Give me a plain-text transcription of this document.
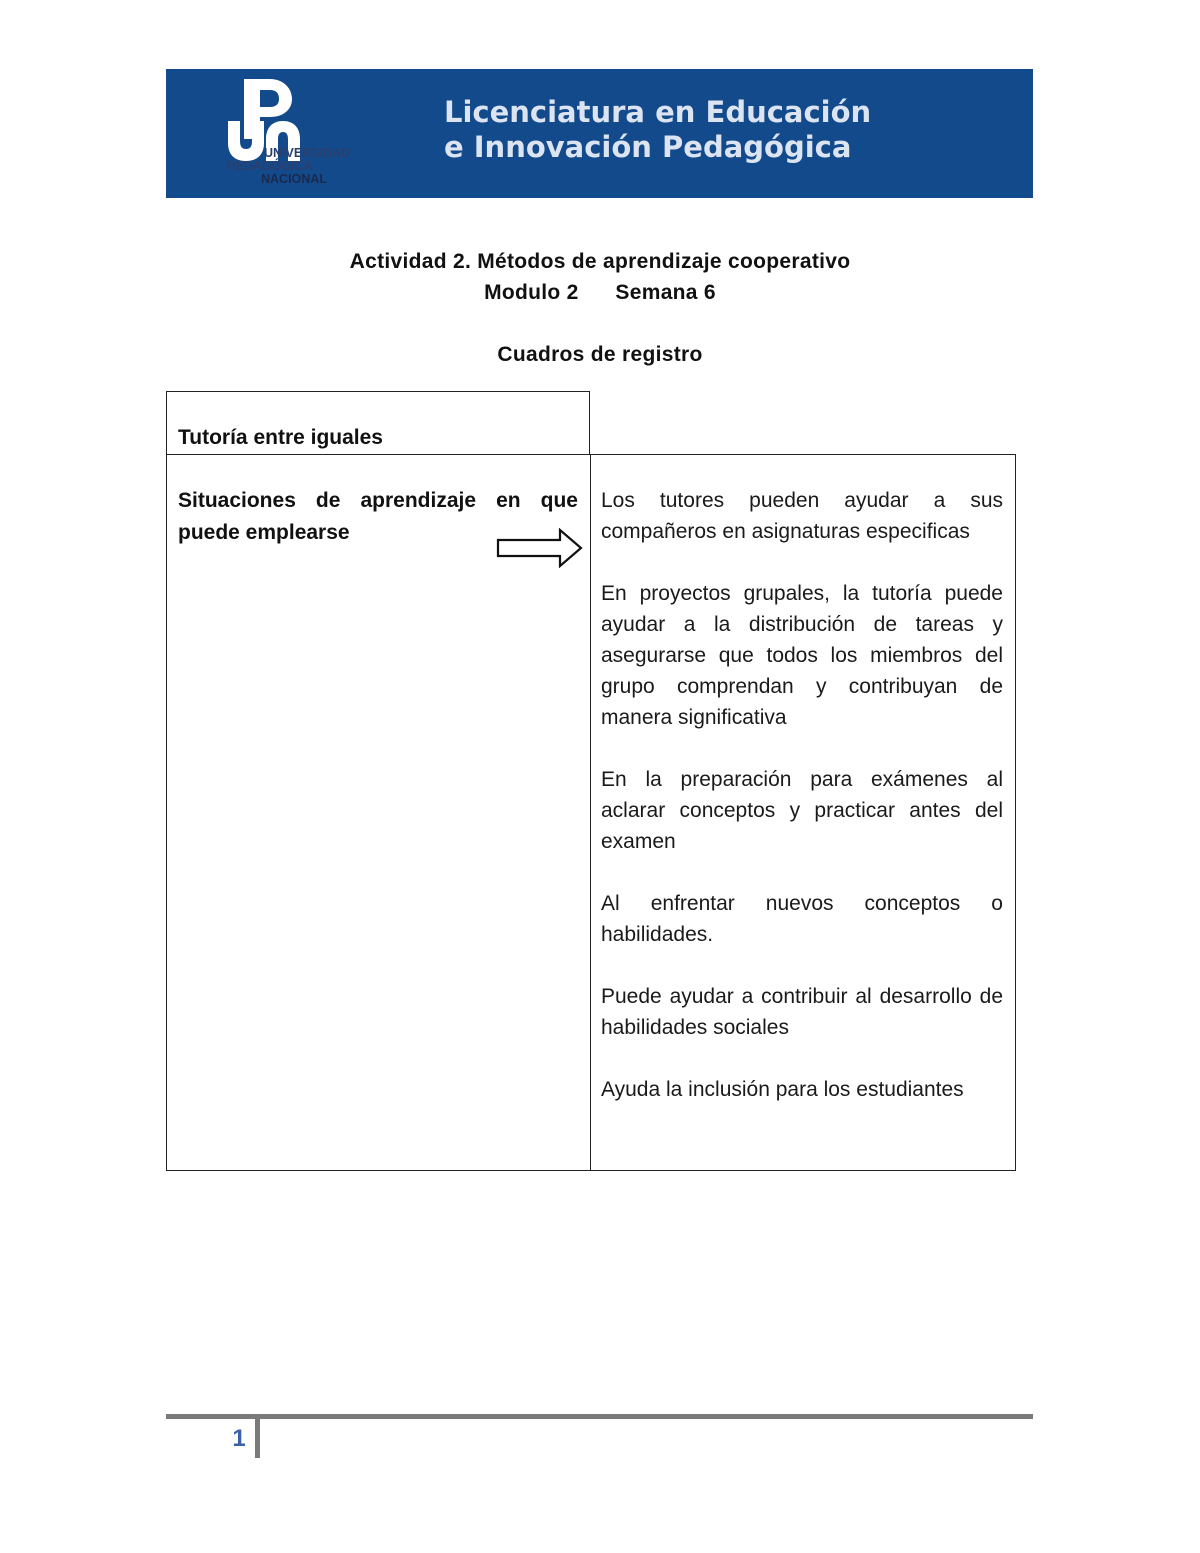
UNIVERSIDAD
PEDAGÓGICA
NACIONAL
Licenciatura en Educación
e Innovación Pedagógica
Actividad 2. Métodos de aprendizaje cooperativo
Modulo 2      Semana 6
Cuadros de registro
Tutoría entre iguales
Situaciones de aprendizaje en que puede emplearse

Los tutores pueden ayudar a sus compañeros en asignaturas especificas

En proyectos grupales, la tutoría puede ayudar a la distribución de tareas y asegurarse que todos los miembros del grupo comprendan y contribuyan de manera significativa

En la preparación para exámenes al aclarar conceptos y practicar antes del examen

Al enfrentar nuevos conceptos o habilidades.

Puede ayudar a contribuir al desarrollo de habilidades sociales

Ayuda la inclusión para los estudiantes

1
